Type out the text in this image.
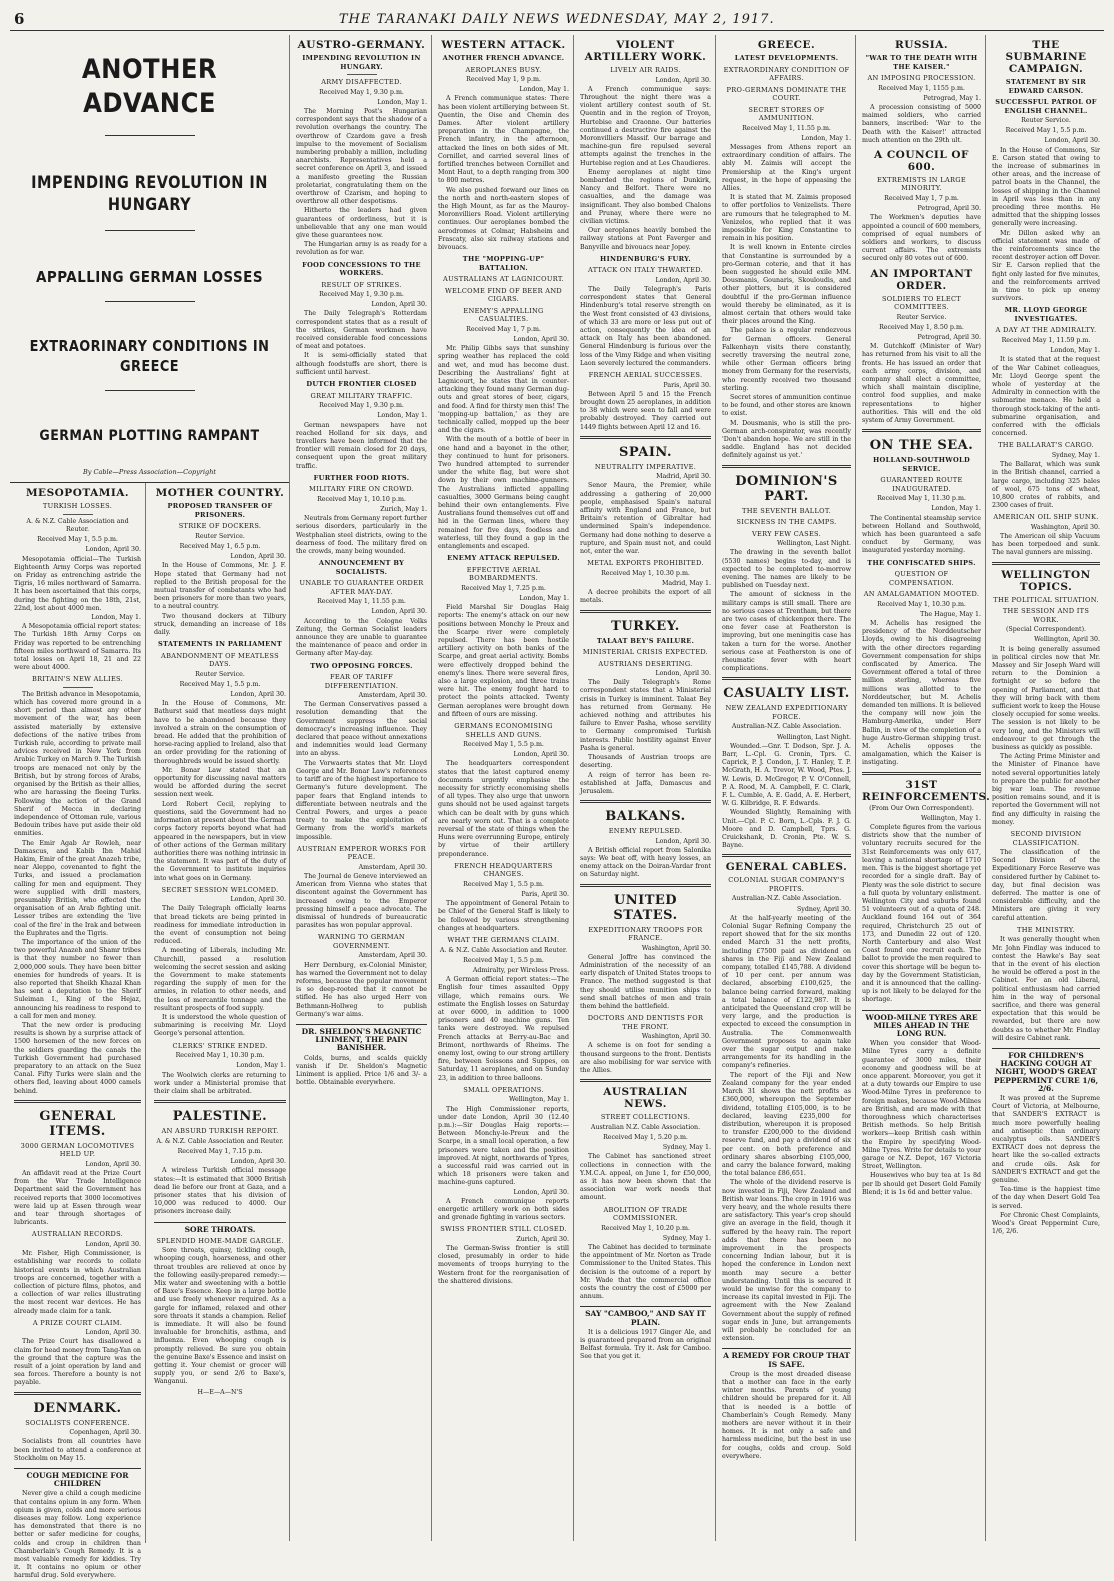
6	THE TARANAKI DAILY NEWS WEDNESDAY, MAY 2, 1917.
ANOTHER ADVANCE
IMPENDING REVOLUTION IN HUNGARY
APPALLING GERMAN LOSSES
EXTRAORINARY CONDITIONS IN GREECE
GERMAN PLOTTING RAMPANT
By Cable—Press Association—Copyright
MESOPOTAMIA.
TURKISH LOSSES.
A. & N.Z. Cable Association and Reuter.
Received May 1, 5.5 p.m.
London, April 30.

Mesopotamia official—The Turkish Eighteenth Army Corps was reported on Friday as entrenching astride the Tigris, 16 miles northward of Samarra. It has been ascertained that this corps, during the fighting on the 18th, 21st, 22nd, lost about 4000 men.

London, May 1.

A Mesopotamia official report states: The Turkish 18th Army Corps on Friday was reported to be entrenching fifteen miles northward of Samarra. Its total losses on April 18, 21 and 22 were about 4000.

BRITAIN'S NEW ALLIES.

The British advance in Mesopotamia, which has covered more ground in a short period than almost any other movement of the war, has been assisted materially by extensive defections of the native tribes from Turkish rule, according to private mail advices received in New York from Arabic Turkey on March 9. The Turkish troops are menaced not only by the British, but by strong forces of Arabs, organised by the British as their allies, who are harassing the fleeing Turks. Following the action of the Grand Sherif of Mecca in declaring independence of Ottoman rule, various Bedouin tribes have put aside their old enmities.

The Emir Agab Ar Rowleh, near Damascus, and Kabib Ibn Mahid Hakim, Emir of the great Anazeh tribe, near Aleppo, covenanted to fight the Turks, and issued a proclamation calling for men and equipment. They were supplied with drill masters, presumably British, who effected the organisation of an Arab fighting unit. Lesser tribes are extending the 'live coal of the fire' in the Irak and between the Euphrates and the Tigris.

The importance of the union of the two powerful Anazeh and Shamr tribes is that they number no fewer than 2,000,000 souls. They have been bitter enemies for hundreds of years. It is also reported that Sheikh Khazal Khan has sent a deputation to the Sherif Suleiman I., King of the Hejaz, announcing his readiness to respond to a call for men and money.

That the new order is producing results is shown by a surprise attack of 1500 horsemen of the new forces on the soldiers guarding the canals the Turkish Government had purchased preparatory to an attack on the Suez Canal. Fifty Turks were slain and the others fled, leaving about 4000 camels behind.

GENERAL ITEMS.
3000 GERMAN LOCOMOTIVES HELD UP.
London, April 30.

An affidavit read at the Prize Court from the War Trade Intelligence Department said the Government has received reports that 3000 locomotives were laid up at Essen through wear and tear through shortages of lubricants.

AUSTRALIAN RECORDS.
London, April 30.

Mr. Fisher, High Commissioner, is establishing war records to collate historical events in which Australian troops are concerned, together with a collection of picture films, photos, and a collection of war relics illustrating the most recent war devices. He has already made claim for a tank.

A PRIZE COURT CLAIM.
London, April 30.

The Prize Court has disallowed a claim for head money from Tang-Yan on the ground that the capture was the result of a joint operation by land and sea forces. Therefore a bounty is not payable.

DENMARK.
SOCIALISTS CONFERENCE.
Copenhagen, April 30.

Socialists from all countries have been invited to attend a conference at Stockholm on May 15.

COUGH MEDICINE FOR CHILDREN

Never give a child a cough medicine that contains opium in any form. When opium is given, colds and more serious diseases may follow. Long experience has demonstrated that there is no better or safer medicine for coughs, colds and croup in children than Chamberlain's Cough Remedy. It is a most valuable remedy for kiddies. Try it. It contains no opium or other harmful drug. Sold everywhere.

MOTHER COUNTRY.
PROPOSED TRANSFER OF PRISONERS.
STRIKE OF DOCKERS.
Reuter Service.
Received May 1, 6.5 p.m.
London, April 30.

In the House of Commons, Mr. J. F. Hope stated that Germany had not replied to the British proposal for the mutual transfer of combatants who had been prisoners for more than two years, to a neutral country.

Two thousand dockers at Tilbury struck, demanding an increase of 18s daily.

STATEMENTS IN PARLIAMENT
ABANDONMENT OF MEATLESS DAYS.
Reuter Service.
Received May 1, 5.5 p.m.
London, April 30.

In the House of Commons, Mr. Bathurst said that meatless days might have to be abandoned because they involved a strain on the consumption of bread. He added that the prohibition of horse-racing applied to Ireland, also that an order providing for the rationing of thoroughbreds would be issued shortly.

Mr. Bonar Law stated that an opportunity for discussing naval matters would be afforded during the secret session next week.

Lord Robert Cecil, replying to questions, said the Government had no information at present about the German corps factory reports beyond what had appeared in the newspapers, but in view of other actions of the German military authorities there was nothing intrinsic in the statement. It was part of the duty of the Government to institute inquiries into what goes on in Germany.

SECRET SESSION WELCOMED.
London, April 30.

The Daily Telegraph officially learns that bread tickets are being printed in readiness for immediate introduction in the event of consumption not being reduced.

A meeting of Liberals, including Mr. Churchill, passed a resolution welcoming the secret session and asking the Government to make statements regarding the supply of men for the armies, in relation to other needs, and the loss of mercantile tonnage and the resultant prospects of food supply.

It is understood the whole question of submarining is receiving Mr. Lloyd George's personal attention.

CLERKS' STRIKE ENDED.
Received May 1, 10.30 p.m.
London, May 1.

The Woolwich clerks are returning to work under a Ministerial promise that their claim shall be arbitrated.

PALESTINE.
AN ABSURD TURKISH REPORT.
A. & N.Z. Cable Association and Reuter.
Received May 1, 7.15 p.m.
London, April 30.

A wireless Turkish official message states:—It is estimated that 3000 British dead lie before our front at Gaza, and a prisoner states that his division of 10,000 was reduced to 4000. Our prisoners increase daily.

SORE THROATS.
SPLENDID HOME-MADE GARGLE.

Sore throats, quinsy, tickling cough, whooping cough, hoarseness, and other throat troubles are relieved at once by the following easily-prepared remedy:—Mix water and sweetening with a bottle of Baxe's Essence. Keep in a large bottle and use freely whenever required. As a gargle for inflamed, relaxed and other sore throats it stands a champion. Relief is immediate. It will also be found invaluable for bronchitis, asthma, and influenza. Even whooping cough is promptly relieved. Be sure you obtain the genuine Baxe's Essence and insist on getting it. Your chemist or grocer will supply you, or send 2/6 to Baxe's, Wanganui.

H—E—A—N'S
AUSTRO-GERMANY.
IMPENDING REVOLUTION IN HUNGARY.
ARMY DISAFFECTED.
Received May 1, 9.30 p.m.
London, May 1.

The Morning Post's Hungarian correspondent says that the shadow of a revolution overhangs the country. The overthrow of Czardom gave a fresh impulse to the movement of Socialism numbering probably a million, including anarchists. Representatives held a secret conference on April 3, and issued a manifesto greeting the Russian proletariat, congratulating them on the overthrow of Czarism, and hoping to overthrow all other despotisms.

Hitherto the leaders had given guarantees of orderliness, but it is unbelievable that any one man would give these guarantees now.

The Hungarian army is as ready for a revolution as for war.

FOOD CONCESSIONS TO THE WORKERS.
RESULT OF STRIKES.
Received May 1, 9.30 p.m.
London, April 30.

The Daily Telegraph's Rotterdam correspondent states that as a result of the strikes, German workmen have received considerable food concessions of meat and potatoes.

It is semi-officially stated that although foodstuffs are short, there is sufficient until harvest.

DUTCH FRONTIER CLOSED
GREAT MILITARY TRAFFIC.
Received May 1, 9.30 p.m.
London, May 1.

German newspapers have not reached Holland for six days, and travellers have been informed that the frontier will remain closed for 20 days, consequent upon the great military traffic.

FURTHER FOOD RIOTS.
MILITARY FIRE ON CROWD.
Received May 1, 10.10 p.m.
Zurich, May 1.

Neutrals from Germany report further serious disorders, particularly in the Westphalian steel districts, owing to the dearness of food. The military fired on the crowds, many being wounded.

ANNOUNCEMENT BY SOCIALISTS.
UNABLE TO GUARANTEE ORDER AFTER MAY-DAY.
Received May 1, 11.55 p.m.
London, April 30.

According to the Cologne Volks Zeitung, the German Socialist leaders announce they are unable to guarantee the maintenance of peace and order in Germany after May-day.

TWO OPPOSING FORCES.
FEAR OF TARIFF DIFFERENTIATION.
Amsterdam, April 30.

The German Conservatives passed a resolution demanding that the Government suppress the social democracy's increasing influence. They declared that peace without annexations and indemnities would lead Germany into an abyss.

The Vorwaerts states that Mr. Lloyd George and Mr. Bonar Law's references to tariff are of the highest importance to Germany's future development. The paper fears that England intends to differentiate between neutrals and the Central Powers, and urges a peace treaty to make the exploitation of Germany from the world's markets impossible.

AUSTRIAN EMPEROR WORKS FOR PEACE.
Amsterdam, April 30.

The Journal de Geneve interviewed an American from Vienna who states that discontent against the Government has increased owing to the Emperor pressing himself a peace advocate. The dismissal of hundreds of bureaucratic parasites has won popular approval.

WARNING TO GERMAN GOVERNMENT.
Amsterdam, April 30.

Herr Dernburg, ex-Colonial Minister, has warned the Government not to delay reforms, because the popular movement is so deep-rooted that it cannot be stifled. He has also urged Herr von Bethmann-Hollweg to publish Germany's war aims.

DR. SHELDON'S MAGNETIC LINIMENT, THE PAIN BANISHER.

Colds, burns, and scalds quickly vanish if Dr. Sheldon's Magnetic Liniment is applied. Price 1/6 and 3/- a bottle. Obtainable everywhere.

WESTERN ATTACK.
ANOTHER FRENCH ADVANCE.
AEROPLANES BUSY.
Received May 1, 9 p.m.
London, May 1.

A French communique states: There has been violent artillerying between St. Quentin, the Oise and Chemin des Dames. After violent artillery preparation in the Champagne, the French infantry, in the afternoon, attacked the lines on both sides of Mt. Cornillet, and carried several lines of fortified trenches between Cornillet and Mont Haut, to a depth ranging from 300 to 800 metres.

We also pushed forward our lines on the north and north-eastern slopes of the High Mount, as far as the Mauroy-Moronvilliers Road. Violent artillerying continues. Our aeroplanes bombed the aerodromes at Colmar, Habsheim and Frascaty, also six railway stations and bivouacs.

THE "MOPPING-UP" BATTALION.
AUSTRALIANS AT LAGNICOURT.
WELCOME FIND OF BEER AND CIGARS.
ENEMY'S APPALLING CASUALTIES.
Received May 1, 7 p.m.
London, April 30.

Mr. Philip Gibbs says that sunshiny spring weather has replaced the cold and wet, and mud has become dust. Describing the Australians' fight at Lagnicourt, he states that in counter-attacking they found many German dug-outs and great stores of beer, cigars, and food. A find for thirsty men this! The 'mopping-up battalion,' as they are technically called, mopped up the beer and the cigars.

With the mouth of a bottle of beer in one hand and a bayonet in the other, they continued to hunt for prisoners. Two hundred attempted to surrender under the white flag, but were shot down by their own machine-gunners. The Australians inflicted appalling casualties, 3000 Germans being caught behind their own entanglements. Five Australians found themselves cut off and hid in the German lines, where they remained for five days, foodless and waterless, till they found a gap in the entanglements and escaped.

ENEMY ATTACK REPULSED.
EFFECTIVE AERIAL BOMBARDMENTS.
Received May 1, 7.25 p.m.
London, May 1.

Field Marshal Sir Douglas Haig reports: The enemy's attack on our new positions between Monchy le Preux and the Scarpe river were completely repulsed. There has been hostile artillery activity on both banks of the Scarpe, and great aerial activity. Bombs were effectively dropped behind the enemy's lines. There were several fires, also a large explosion, and three trains were hit. The enemy fought hard to protect the points attacked. Twenty German aeroplanes were brought down and fifteen of ours are missing.

GERMANS ECONOMISING SHELLS AND GUNS.
Received May 1, 5.5 p.m.
London, April 30.

The headquarters correspondent states that the latest captured enemy documents urgently emphasise the necessity for strictly economising shells of all types. They also urge that unworn guns should not be used against targets which can be dealt with by guns which are nearly worn out. That is a complete reversal of the state of things when the Huns were overrunning Europe, entirely by virtue of their artillery preponderance.

FRENCH HEADQUARTERS CHANGES.
Received May 1, 5.5 p.m.
Paris, April 30.

The appointment of General Petain to be Chief of the General Staff is likely to be followed by various strengthening changes at headquarters.

WHAT THE GERMANS CLAIM.
A. & N.Z. Cable Association and Reuter.
Received May 1, 5.5 p.m.
Admiralty, per Wireless Press.

A German official report states:—The English four times assaulted Oppy village, which remains ours. We estimate the English losses on Saturday at over 6000, in addition to 1000 prisoners and 40 machine guns. Ten tanks were destroyed. We repulsed French attacks at Berry-au-Bac and Brimont, northwards of Rheims. The enemy lost, owing to our strong artillery fire, between Soissons and Suppes, on Saturday, 11 aeroplanes, and on Sunday 23, in addition to three balloons.

SMALL OPERATIONS.
Wellington, May 1.

The High Commissioner reports, under date London, April 30 (12.40 p.m.):—Sir Douglas Haig reports:—Between Monchy-le-Preux and the Scarpe, in a small local operation, a few prisoners were taken and the position improved. At night, northwards of Ypres, a successful raid was carried out in which 18 prisoners were taken and machine-guns captured.

London, April 30.

A French communique reports energetic artillery work on both sides and grenade fighting in various sectors.

SWISS FRONTIER STILL CLOSED.
Zurich, April 30.

The German-Swiss frontier is still closed, presumably in order to hide movements of troops hurrying to the Western front for the reorganisation of the shattered divisions.

VIOLENT ARTILLERY WORK.
LIVELY AIR RAIDS.
London, April 30.

A French communique says: Throughout the night there was a violent artillery contest south of St. Quentin and in the region of Troyon, Hurtebise and Craonne. Our batteries continued a destructive fire against the Moronvilliers Massif. Our barrage and machine-gun fire repulsed several attempts against the trenches in the Hurtebise region and at Les Chaudieres.

Enemy aeroplanes at night time bombarded the regions of Dunkirk, Nancy and Belfort. There were no casualties, and the damage was insignificant. They also bombed Chalons and Prunay, where there were no civilian victims.

Our aeroplanes heavily bombed the railway stations at Pont Faverger and Banyville and bivouacs near Jopey.

HINDENBURG'S FURY.
ATTACK ON ITALY THWARTED.
London, April 30.

The Daily Telegraph's Paris correspondent states that General Hindenburg's total reserve strength on the West front consisted of 43 divisions, of which 33 are more or less put out of action, consequently the idea of an attack on Italy has been abandoned. General Hindenburg is furious over the loss of the Vimy Ridge and when visiting Laon severely lectured the commanders.

FRENCH AERIAL SUCCESSES.
Paris, April 30.

Between April 5 and 15 the French brought down 25 aeroplanes, in addition to 38 which were seen to fall and were probably destroyed. They carried out 1449 flights between April 12 and 16.

SPAIN.
NEUTRALITY IMPERATIVE.
Madrid, April 30.

Senor Maura, the Premier, while addressing a gathering of 20,000 people, emphasised Spain's natural affinity with England and France, but Britain's retention of Gibraltar had undermined Spain's independence. Germany had done nothing to deserve a rupture, and Spain must not, and could not, enter the war.

METAL EXPORTS PROHIBITED.
Received May 1, 10.30 p.m.
Madrid, May 1.

A decree prohibits the export of all metals.

TURKEY.
TALAAT BEY'S FAILURE.
MINISTERIAL CRISIS EXPECTED.
AUSTRIANS DESERTING.
London, April 30.

The Daily Telegraph's Rome correspondent states that a Ministerial crisis in Turkey is imminent. Talaat Bey has returned from Germany. He achieved nothing and attributes his failure to Enver Pasha, whose servility to Germany compromised Turkish interests. Public hostility against Enver Pasha is general.

Thousands of Austrian troops are deserting.

A reign of terror has been re-established at Jaffa, Damascus and Jerusalem.

BALKANS.
ENEMY REPULSED.
London, April 30.

A British official report from Salonika says: We beat off, with heavy losses, an enemy attack on the Doiran-Vardar front on Saturday night.

UNITED STATES.
EXPEDITIONARY TROOPS FOR FRANCE.
Washington, April 30.

General Joffre has convinced the Administration of the necessity of an early dispatch of United States troops to France. The method suggested is that they should utilise munition ships to send small batches of men and train them behind the battlefield.

DOCTORS AND DENTISTS FOR THE FRONT.
Washington, April 30.

A scheme is on foot for sending a thousand surgeons to the front. Dentists are also mobilising for war service with the Allies.

AUSTRALIAN NEWS.
STREET COLLECTIONS.
Australian N.Z. Cable Association.
Received May 1, 5.20 p.m.
Sydney, May 1.

The Cabinet has sanctioned street collections in connection with the Y.M.C.A. appeal, on June 1, for £50,000, as it has now been shown that the association war work needs that amount.

ABOLITION OF TRADE COMMISSIONER.
Received May 1, 10.20 p.m.
Sydney, May 1.

The Cabinet has decided to terminate the appointment of Mr. Norton as Trade Commissioner to the United States. This decision is the outcome of a report by Mr. Wade that the commercial office costs the country the cost of £5000 per annum.

SAY "CAMBOO," AND SAY IT PLAIN.

It is a delicious 1917 Ginger Ale, and is guaranteed prepared from an original Belfast formula. Try it. Ask for Camboo. See that you get it.

GREECE.
LATEST DEVELOPMENTS.
EXTRAORDINARY CONDITION OF AFFAIRS.
PRO-GERMANS DOMINATE THE COURT.
SECRET STORES OF AMMUNITION.
Received May 1, 11.55 p.m.
London, May 1.

Messages from Athens report an extraordinary condition of affairs. The ably M. Zaimis will accept the Premiership at the King's urgent request, in the hope of appeasing the Allies.

It is stated that M. Zaimis proposed to offer portfolios to Venizelists. There are rumours that he telegraphed to M. Venizelos, who replied that it was impossible for King Constantine to remain in his position.

It is well known in Entente circles that Constantine is surrounded by a pro-German coterie, and that it has been suggested he should exile MM. Dousmanis, Gounaris, Skouloudis, and other plotters, but it is considered doubtful if the pro-German influence would thereby be eliminated, as it is almost certain that others would take their places around the King.

The palace is a regular rendezvous for German officers. General Falkenhayn visits there constantly, secretly traversing the neutral zone, while other German officers bring money from Germany for the reservists, who recently received two thousand sterling.

Secret stores of ammunition continue to be found, and other stores are known to exist.

M. Dousmanis, who is still the pro-German arch-conspirator, was recently 'Don't abandon hope. We are still in the saddle. England has not decided definitely against us yet.'

DOMINION'S PART.
THE SEVENTH BALLOT.
SICKNESS IN THE CAMPS.
VERY FEW CASES.
Wellington, Last Night.

The drawing in the seventh ballot (5530 names) begins to-day, and is expected to be completed to-morrow evening. The names are likely to be published on Tuesday next.

The amount of sickness in the military camps is still small. There are no serious cases at Trentham, but there are two cases of chickenpox there. The one fever case at Featherston is improving, but one meningitis case has taken a turn for the worse. Another serious case at Featherston is one of rheumatic fever with heart complications.

CASUALTY LIST.
NEW ZEALAND EXPEDITIONARY FORCE.
Australian-N.Z. Cable Association.
Wellington, Last Night.

Wounded.—Gnr. T. Dodson, Spr. J. A. Barr, L.-Cpl. G. Cronin, Tprs. C. Caprick, P. J. Condon, J. T. Hanley, T. P. McGrath, H. A. Trevor, W. Wood, Ptes. J. W. Lewis, D. McGregor, P. V. O'Connell, P. A. Rood, M. A. Campbell, F. C. Clark, F. L. Cumble, A. E. Gadd, A. E. Herbert, W. G. Kilbridge, R. F. Edwards.

Wounded Slightly, Remaining with Unit.—Cpl. P. C. Born, L.-Cpls. F. J. G. Moore and D. Campbell, Tprs. G. Cruickshank, D. Cronin, Pte. W. S. Bayne.

GENERAL CABLES.
COLONIAL SUGAR COMPANY'S PROFITS.
Australian-N.Z. Cable Association.
Sydney, April 30.

At the half-yearly meeting of the Colonial Sugar Refining Company the report showed that for the six months ended March 31 the nett profits, including £7500 paid as dividend on shares in the Fiji and New Zealand company, totalled £145,788. A dividend of 10 per cent. per annum was declared, absorbing £100,625, the balance being carried forward, making a total balance of £122,987. It is anticipated the Queensland crop will be very large, and the production is expected to exceed the consumption in Australia. The Commonwealth Government proposes to again take over the sugar output and make arrangements for its handling in the company's refineries.

The report of the Fiji and New Zealand company for the year ended March 31 shows the nett profits as £360,000, whereupon the September dividend, totalling £105,000, is to be declared, leaving £235,000 for distribution, whereupon it is proposed to transfer £200,000 to the dividend reserve fund, and pay a dividend of six per cent. on both preference and ordinary shares absorbing £105,000, and carry the balance forward, making the total balance £86,651.

The whole of the dividend reserve is now invested in Fiji, New Zealand and British war loans. The crop in 1916 was very heavy, and the whole results there are satisfactory. This year's crop should give an average in the field, though it suffered by the heavy rain. The report adds that there has been no improvement in the prospects concerning Indian labour, but it is hoped the conference in London next month may secure a better understanding. Until this is secured it would be unwise for the company to increase its capital invested in Fiji. The agreement with the New Zealand Government about the supply of refined sugar ends in June, but arrangements will probably be concluded for an extension.

A REMEDY FOR CROUP THAT IS SAFE.

Croup is the most dreaded disease that a mother can face in the early winter months. Parents of young children should be prepared for it. All that is needed is a bottle of Chamberlain's Cough Remedy. Many mothers are never without it in their homes. It is not only a safe and harmless medicine, but the best in use for coughs, colds and croup. Sold everywhere.

RUSSIA.
"WAR TO THE DEATH WITH THE KAISER."
AN IMPOSING PROCESSION.
Received May 1, 1155 p.m.
Petrograd, May 1.

A procession consisting of 5000 maimed soldiers, who carried banners, inscribed: 'War to the Death with the Kaiser!' attracted much attention on the 29th ult.

A COUNCIL OF 600.
EXTREMISTS IN LARGE MINORITY.
Received May 1, 7 p.m.
Petrograd, April 30.

The Workmen's deputies have appointed a council of 600 members, comprised of equal numbers of soldiers and workers, to discuss current affairs. The extremists secured only 80 votes out of 600.

AN IMPORTANT ORDER.
SOLDIERS TO ELECT COMMITTEES.
Reuter Service.
Received May 1, 8.50 p.m.
Petrograd, April 30.

M. Gutchkoff (Minister of War) has returned from his visit to all the fronts. He has issued an order that each army corps, division, and company shall elect a committee, which shall maintain discipline, control food supplies, and make representations to higher authorities. This will end the old system of Army Government.

ON THE SEA.
HOLLAND-SOUTHWOLD SERVICE.
GUARANTEED ROUTE INAUGURATED.
Received May 1, 11.30 p.m.
London, May 1.

The Continental steamship service between Holland and Southwold, which has been guaranteed a safe conduct by Germany, was inaugurated yesterday morning.

THE CONFISCATED SHIPS.
QUESTION OF COMPENSATION.
AN AMALGAMATION MOOTED.
Received May 1, 10.30 p.m.
The Hague, May 1.

M. Achelis has resigned the presidency of the Norddeutscher Lloyds, owing to his disagreeing with the other directors regarding Government compensation for ships confiscated by America. The Government offered a total of three million sterling, whereas five millions was allotted to the Norddeutscher, but M. Achelis demanded ten millions. It is believed the company will now join the Hamburg-Amerika, under Herr Ballin, in view of the completion of a huge Austro-German shipping trust. M. Achelis opposes the amalgamation, which the Kaiser is instigating.

31ST REINFORCEMENTS.
(From Our Own Correspondent).
Wellington, May 1.

Complete figures from the various districts show that the number of voluntary recruits secured for the 31st Reinforcements was only 617, leaving a national shortage of 1710 men. This is the biggest shortage yet recorded for a single draft. Bay of Plenty was the sole district to secure a full quota by voluntary enlistment. Wellington City and suburbs found 51 volunteers out of a quota of 248. Auckland found 164 out of 364 required, Christchurch 25 out of 173, and Dunedin 22 out of 120. North Canterbury and also West Coast found one recruit each. The ballot to provide the men required to cover this shortage will be begun to-day by the Government Statistician, and it is announced that the calling-up is not likely to be delayed for the shortage.

WOOD-MILNE TYRES ARE MILES AHEAD IN THE LONG RUN.

When you consider that Wood-Milne Tyres carry a definite guarantee of 3000 miles, their economy and goodness will be at once apparent. Moreover, you get it at a duty towards our Empire to use Wood-Milne Tyres in preference to foreign makes, because Wood-Milnes are British, and are made with that thoroughness which characterises British methods. So help British workers—keep British cash within the Empire by specifying Wood-Milne Tyres. Write for details to your garage or N.Z. Depot, 167 Victoria Street, Wellington.

Housewives who buy tea at 1s 8d per lb should get Desert Gold Family Blend; it is 1s 6d and better value.

THE SUBMARINE CAMPAIGN.
STATEMENT BY SIR EDWARD CARSON.
SUCCESSFUL PATROL OF ENGLISH CHANNEL.
Reuter Service.
Received May 1, 5.5 p.m.
London, April 30.

In the House of Commons, Sir E. Carson stated that owing to the increase of submarines in other areas, and the increase of patrol boats in the Channel, the losses of shipping in the Channel in April was less than in any preceding three months. He admitted that the shipping losses generally were increasing.

Mr. Dillon asked why an official statement was made of the reinforcements since the recent destroyer action off Dover. Sir E. Carson replied that the fight only lasted for five minutes, and the reinforcements arrived in time to pick up enemy survivors.

MR. LLOYD GEORGE INVESTIGATES.
A DAY AT THE ADMIRALTY.
Received May 1, 11.59 p.m.
London, May 1.

It is stated that at the request of the War Cabinet colleagues, Mr. Lloyd George spent the whole of yesterday at the Admiralty in connection with the submarine menace. He held a thorough stock-taking of the anti-submarine organisation, and conferred with the officials concerned.

THE BALLARAT'S CARGO.
Sydney, May 1.

The Ballarat, which was sunk in the British channel, carried a large cargo, including 325 bales of wool, 675 tons of wheat, 10,800 crates of rabbits, and 2300 cases of fruit.

AMERICAN OIL SHIP SUNK.
Washington, April 30.

The American oil ship Vacuum has been torpedoed and sunk. The naval gunners are missing.

WELLINGTON TOPICS.
THE POLITICAL SITUATION.
THE SESSION AND ITS WORK.
(Special Correspondent).
Wellington, April 30.

It is being generally assumed in political circles now that Mr. Massey and Sir Joseph Ward will return to the Dominion a fortnight or so before the opening of Parliament, and that they will bring back with them sufficient work to keep the House closely occupied for some weeks. The session is not likely to be very long, and the Ministers will endeavour to get through the business as quickly as possible.

The Acting Prime Minister and the Minister of Finance have noted several opportunities lately to prepare the public for another big war loan. The revenue position remains sound, and it is reported the Government will not find any difficulty in raising the money.

SECOND DIVISION CLASSIFICATION.

The classification of the Second Division of the Expeditionary Force Reserve was considered further by Cabinet to-day, but final decision was deferred. The matter is one of considerable difficulty, and the Ministers are giving it very careful attention.

THE MINISTRY.

It was generally thought when Mr. John Findlay was induced to contest the Hawke's Bay seat that in the event of his election he would be offered a post in the Cabinet. For an old Liberal, political enthusiasm had carried him in the way of personal sacrifice, and there was general expectation that this would be rewarded, but there are now doubts as to whether Mr. Findlay will desire Cabinet rank.

FOR CHILDREN'S HACKING COUGH AT NIGHT, WOOD'S GREAT PEPPERMINT CURE 1/6, 2/6.

It was proved at the Supreme Court of Victoria, at Melbourne, that SANDER'S EXTRACT is much more powerfully healing and antiseptic than ordinary eucalyptus oils. SANDER'S EXTRACT does not depress the heart like the so-called extracts and crude oils. Ask for SANDER'S EXTRACT and get the genuine.

Tea-time is the happiest time of the day when Desert Gold Tea is served.

For Chronic Chest Complaints, Wood's Great Peppermint Cure, 1/6, 2/6.
